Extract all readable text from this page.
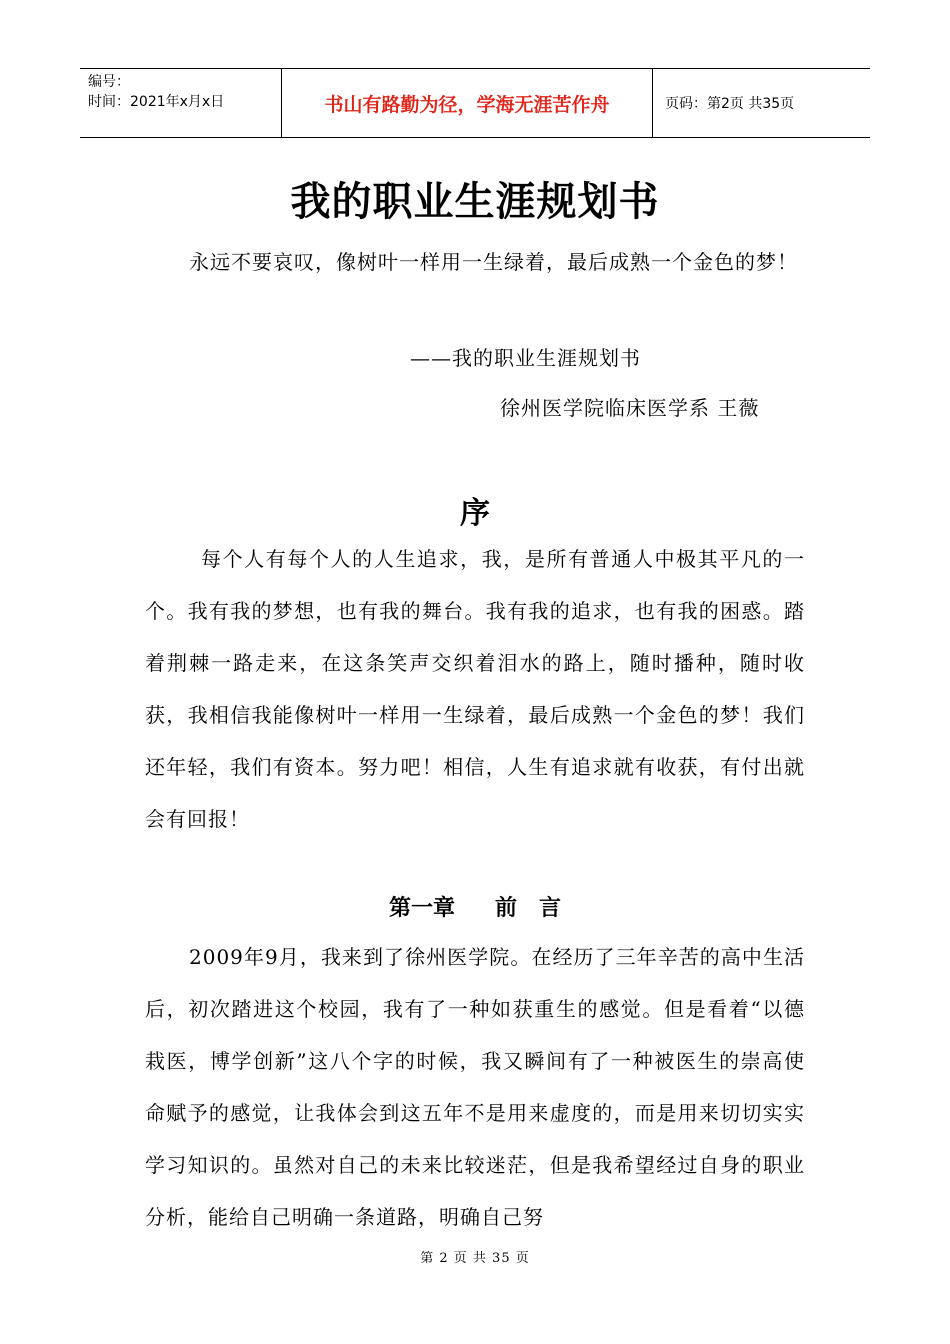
编号：
时间：2021年x月x日	书山有路勤为径，学海无涯苦作舟	页码：第2页 共35页
我的职业生涯规划书

永远不要哀叹，像树叶一样用一生绿着，最后成熟一个金色的梦！

——我的职业生涯规划书
徐州医学院临床医学系 王薇
序

每个人有每个人的人生追求，我，是所有普通人中极其平凡的一个。我有我的梦想，也有我的舞台。我有我的追求，也有我的困惑。踏着荆棘一路走来，在这条笑声交织着泪水的路上，随时播种，随时收获，我相信我能像树叶一样用一生绿着，最后成熟一个金色的梦！我们还年轻，我们有资本。努力吧！相信，人生有追求就有收获，有付出就会有回报！

第一章 前 言

2009年9月，我来到了徐州医学院。在经历了三年辛苦的高中生活后，初次踏进这个校园，我有了一种如获重生的感觉。但是看着“以德栽医，博学创新”这八个字的时候，我又瞬间有了一种被医生的崇高使命赋予的感觉，让我体会到这五年不是用来虚度的，而是用来切切实实学习知识的。虽然对自己的未来比较迷茫，但是我希望经过自身的职业分析，能给自己明确一条道路，明确自己努

第 2 页 共 35 页
